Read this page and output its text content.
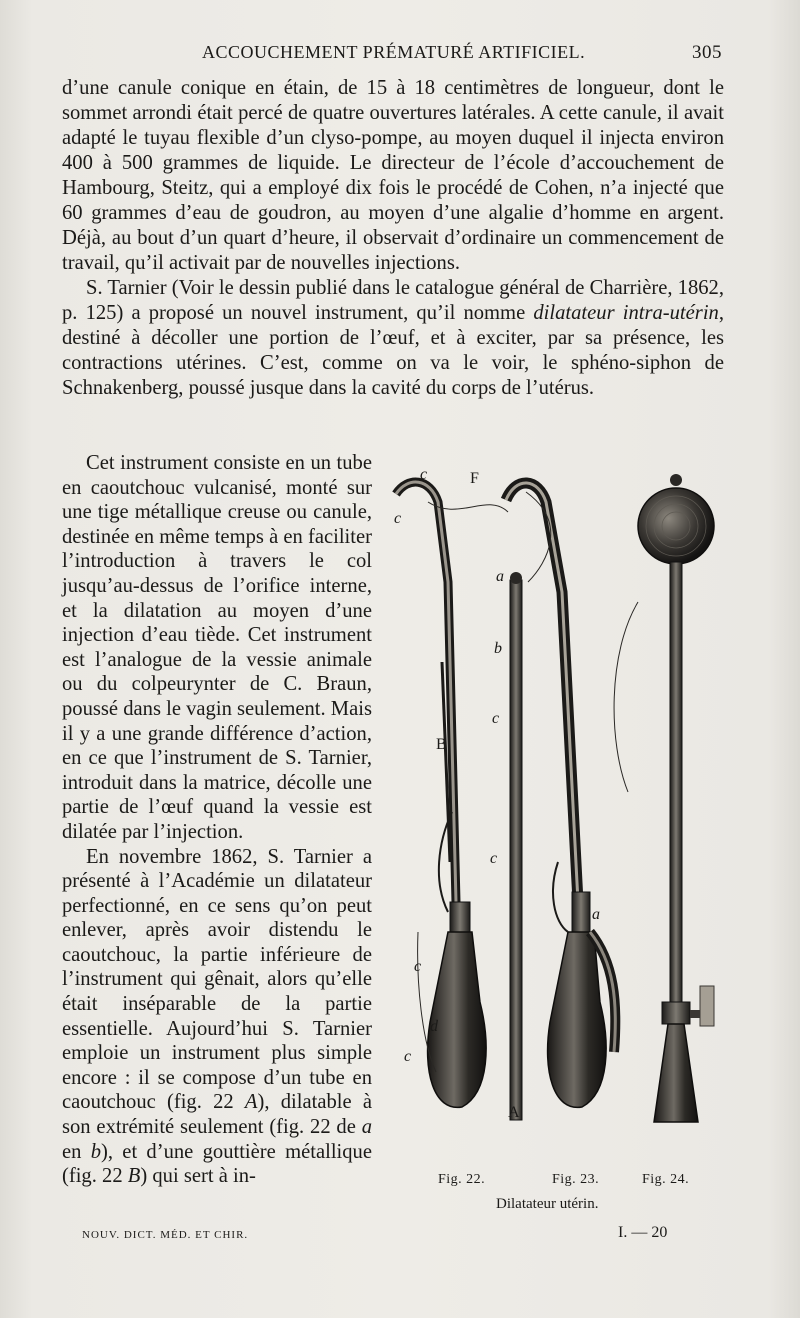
ACCOUCHEMENT PRÉMATURÉ ARTIFICIEL.	305

d’une canule conique en étain, de 15 à 18 centimètres de longueur, dont le sommet arrondi était percé de quatre ouvertures latérales. A cette canule, il avait adapté le tuyau flexible d’un clyso-pompe, au moyen duquel il injecta environ 400 à 500 grammes de liquide. Le directeur de l’école d’accouchement de Hambourg, Steitz, qui a employé dix fois le procédé de Cohen, n’a injecté que 60 grammes d’eau de goudron, au moyen d’une algalie d’homme en argent. Déjà, au bout d’un quart d’heure, il observait d’ordinaire un commencement de travail, qu’il activait par de nouvelles injections.

S. Tarnier (Voir le dessin publié dans le catalogue général de Charrière, 1862, p. 125) a proposé un nouvel instrument, qu’il nomme dilatateur intra-utérin, destiné à décoller une portion de l’œuf, et à exciter, par sa présence, les contractions utérines. C’est, comme on va le voir, le sphéno-siphon de Schnakenberg, poussé jusque dans la cavité du corps de l’utérus.

Cet instrument consiste en un tube en caoutchouc vulcanisé, monté sur une tige métallique creuse ou canule, destinée en même temps à en faciliter l’introduction à travers le col jusqu’au-dessus de l’orifice interne, et la dilatation au moyen d’une injection d’eau tiède. Cet instrument est l’analogue de la vessie animale ou du colpeurynter de C. Braun, poussé dans le vagin seulement. Mais il y a une grande différence d’action, en ce que l’instrument de S. Tarnier, introduit dans la matrice, décolle une partie de l’œuf quand la vessie est dilatée par l’injection.

En novembre 1862, S. Tarnier a présenté à l’Académie un dilatateur perfectionné, en ce sens qu’on peut enlever, après avoir distendu le caoutchouc, la partie inférieure de l’instrument qui gênait, alors qu’elle était inséparable de la partie essentielle. Aujourd’hui S. Tarnier emploie un instrument plus simple encore : il se compose d’un tube en caoutchouc (fig. 22 A), dilatable à son extrémité seulement (fig. 22 de a en b), et d’une gouttière métallique (fig. 22 B) qui sert à in-

c	F
c
a
b
c
B
c
a
c
d
c
A
Fig. 22.	Fig. 23.	Fig. 24.
Dilatateur utérin.
NOUV. DICT. MÉD. ET CHIR.	I. — 20
